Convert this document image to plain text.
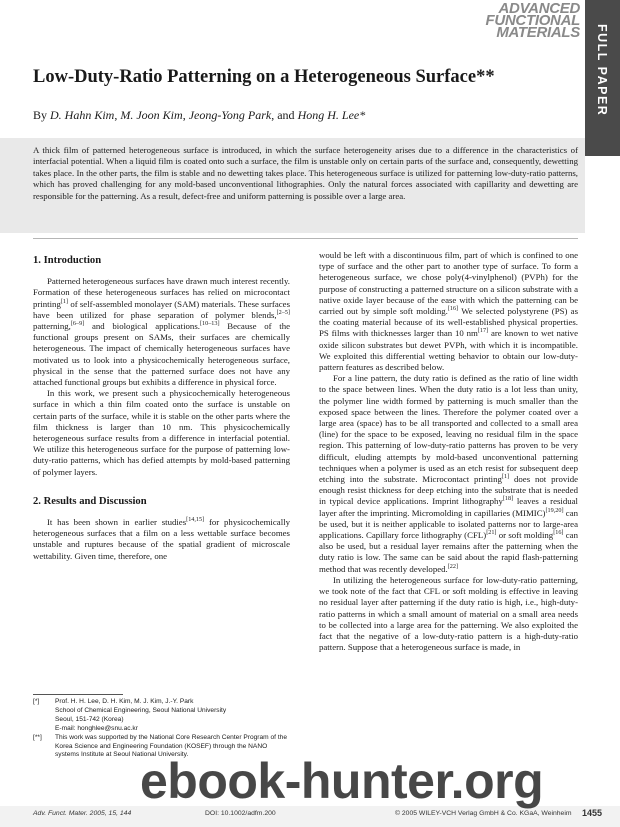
ADVANCED
FUNCTIONAL
MATERIALS FULL PAPER
Low-Duty-Ratio Patterning on a Heterogeneous Surface**
By D. Hahn Kim, M. Joon Kim, Jeong-Yong Park, and Hong H. Lee*

A thick film of patterned heterogeneous surface is introduced, in which the surface heterogeneity arises due to a difference in the characteristics of interfacial potential. When a liquid film is coated onto such a surface, the film is unstable only on certain parts of the surface and, consequently, dewetting takes place. In the other parts, the film is stable and no dewetting takes place. This heterogeneous surface is utilized for patterning low-duty-ratio patterns, which has proved challenging for any mold-based unconventional lithographies. Only the natural forces associated with capillarity and dewetting are responsible for the patterning. As a result, defect-free and uniform patterning is possible over a large area.

1. Introduction

Patterned heterogeneous surfaces have drawn much interest recently. Formation of these heterogeneous surfaces has relied on microcontact printing[1] of self-assembled monolayer (SAM) materials. These surfaces have been utilized for phase separation of polymer blends,[2–5] patterning,[6–9] and biological applications.[10–13] Because of the functional groups present on SAMs, their surfaces are chemically heterogeneous. The impact of chemically heterogeneous surfaces have motivated us to look into a physicochemically heterogeneous surface, physical in the sense that the patterned surface does not have any attached functional groups but exhibits a difference in physical force.

In this work, we present such a physicochemically heterogeneous surface in which a thin film coated onto the surface is unstable on certain parts of the surface, while it is stable on the other parts where the film thickness is larger than 10 nm. This physicochemically heterogeneous surface results from a difference in interfacial potential. We utilize this heterogeneous surface for the purpose of patterning low-duty-ratio patterns, which has defied attempts by mold-based patterning of polymer layers.

2. Results and Discussion

It has been shown in earlier studies[14,15] for physicochemically heterogeneous surfaces that a film on a less wettable surface becomes unstable and ruptures because of the spatial gradient of microscale wettability. Given time, therefore, one

would be left with a discontinuous film, part of which is confined to one type of surface and the other part to another type of surface. To form a heterogeneous surface, we chose poly(4-vinylphenol) (PVPh) for the purpose of constructing a patterned structure on a silicon substrate with a native oxide layer because of the ease with which the patterning can be carried out by simple soft molding.[16] We selected polystyrene (PS) as the coating material because of its well-established physical properties. PS films with thicknesses larger than 10 nm[17] are known to wet native oxide silicon substrates but dewet PVPh, with which it is incompatible. We exploited this differential wetting behavior to obtain our low-duty-pattern features as described below.

For a line pattern, the duty ratio is defined as the ratio of line width to the space between lines. When the duty ratio is a lot less than unity, the polymer line width formed by patterning is much smaller than the exposed space between the lines. Therefore the polymer coated over a large area (space) has to be all transported and collected to a small area (line) for the space to be exposed, leaving no residual film in the space region. This patterning of low-duty-ratio patterns has proven to be very difficult, eluding attempts by mold-based unconventional patterning techniques when a polymer is used as an etch resist for subsequent deep etching into the substrate. Microcontact printing[1] does not provide enough resist thickness for deep etching into the substrate that is needed in typical device applications. Imprint lithography[18] leaves a residual layer after the imprinting. Micromolding in capillaries (MIMIC)[19,20] can be used, but it is neither applicable to isolated patterns nor to large-area applications. Capillary force lithography (CFL)[21] or soft molding[16] can also be used, but a residual layer remains after the patterning when the duty ratio is low. The same can be said about the rapid flash-patterning method that was recently developed.[22]

In utilizing the heterogeneous surface for low-duty-ratio patterning, we took note of the fact that CFL or soft molding is effective in leaving no residual layer after patterning if the duty ratio is high, i.e., high-duty-ratio patterns in which a small amount of material on a small area needs to be collected into a large area for the patterning. We also exploited the fact that the negative of a low-duty-ratio pattern is a high-duty-ratio pattern. Suppose that a heterogeneous surface is made, in

[*]	Prof. H. H. Lee, D. H. Kim, M. J. Kim, J.-Y. Park
School of Chemical Engineering, Seoul National University
Seoul, 151-742 (Korea)
E-mail: honghlee@snu.ac.kr
[**]	This work was supported by the National Core Research Center Program of the Korea Science and Engineering Foundation (KOSEF) through the NANO systems Institute at Seoul National University.
Adv. Funct. Mater. 2005, 15, 144	DOI: 10.1002/adfm.200	© 2005 WILEY-VCH Verlag GmbH & Co. KGaA, Weinheim 1455
ebook-hunter.org
